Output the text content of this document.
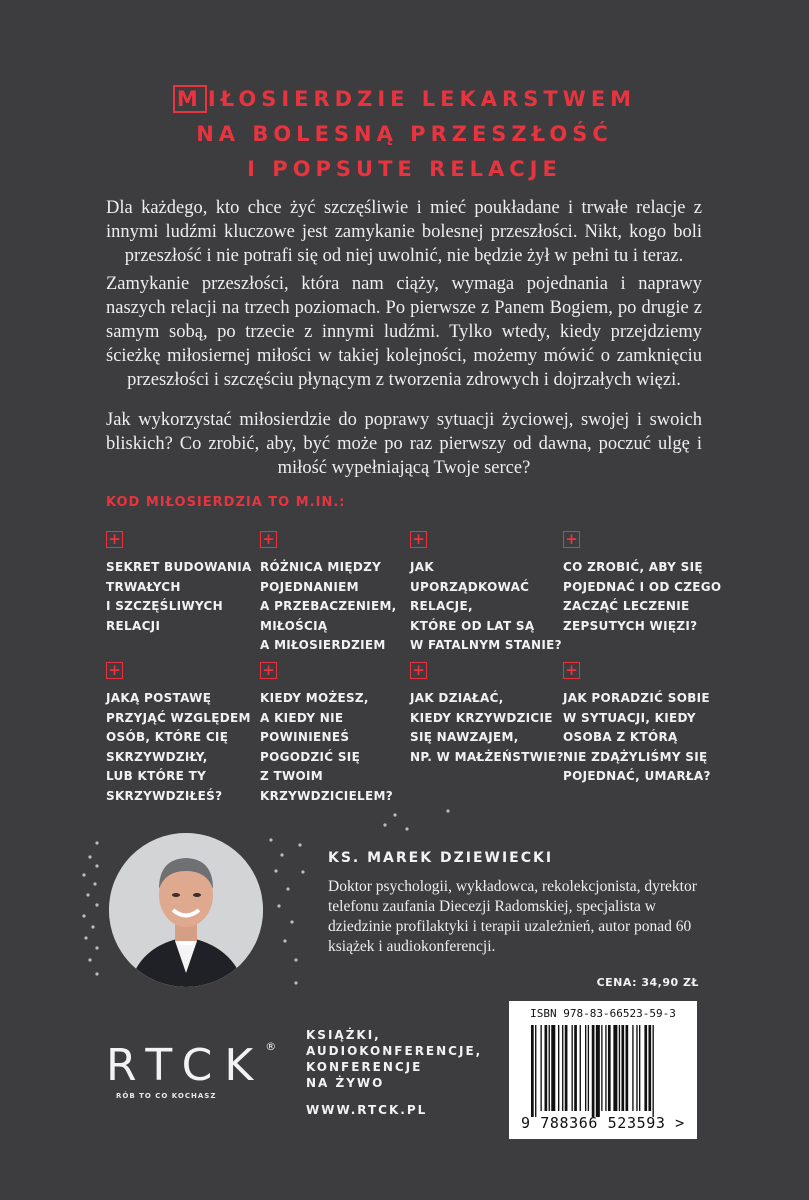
M IŁOSIERDZIE LEKARSTWEM
NA BOLESNĄ PRZESZŁOŚĆ
I POPSUTE RELACJE
Dla każdego, kto chce żyć szczęśliwie i mieć poukładane i trwałe relacje z innymi ludźmi kluczowe jest zamykanie bolesnej przeszłości. Nikt, kogo boli przeszłość i nie potrafi się od niej uwolnić, nie będzie żył w pełni tu i teraz.
Zamykanie przeszłości, która nam ciąży, wymaga pojednania i naprawy naszych relacji na trzech poziomach. Po pierwsze z Panem Bogiem, po drugie z samym sobą, po trzecie z innymi ludźmi. Tylko wtedy, kiedy przejdziemy ścieżkę miłosiernej miłości w takiej kolejności, możemy mówić o zamknięciu przeszłości i szczęściu płynącym z tworzenia zdrowych i dojrzałych więzi.
Jak wykorzystać miłosierdzie do poprawy sytuacji życiowej, swojej i swoich bliskich? Co zrobić, aby, być może po raz pierwszy od dawna, poczuć ulgę i miłość wypełniającą Twoje serce?
KOD MIŁOSIERDZIA TO M.IN.:
+
SEKRET BUDOWANIA
TRWAŁYCH
I SZCZĘŚLIWYCH
RELACJI
+
RÓŻNICA MIĘDZY
POJEDNANIEM
A PRZEBACZENIEM,
MIŁOŚCIĄ
A MIŁOSIERDZIEM
+
JAK
UPORZĄDKOWAĆ
RELACJE,
KTÓRE OD LAT SĄ
W FATALNYM STANIE?
+
CO ZROBIĆ, ABY SIĘ
POJEDNAĆ I OD CZEGO
ZACZĄĆ LECZENIE
ZEPSUTYCH WIĘZI?
+
JAKĄ POSTAWĘ
PRZYJĄĆ WZGLĘDEM
OSÓB, KTÓRE CIĘ
SKRZYWDZIŁY,
LUB KTÓRE TY
SKRZYWDZIŁEŚ?
+
KIEDY MOŻESZ,
A KIEDY NIE
POWINIENEŚ
POGODZIĆ SIĘ
Z TWOIM
KRZYWDZICIELEM?
+
JAK DZIAŁAĆ,
KIEDY KRZYWDZICIE
SIĘ NAWZAJEM,
NP. W MAŁŻEŃSTWIE?
+
JAK PORADZIĆ SOBIE
W SYTUACJI, KIEDY
OSOBA Z KTÓRĄ
NIE ZDĄŻYLIŚMY SIĘ
POJEDNAĆ, UMARŁA?
KS. MAREK DZIEWIECKI
Doktor psychologii, wykładowca, rekolekcjonista, dyrektor telefonu zaufania Diecezji Radomskiej, specjalista w dziedzinie profilaktyki i terapii uzależnień, autor ponad 60 książek i audiokonferencji.
CENA: 34,90 ZŁ
ISBN 978-83-66523-59-3
9 788366 523593 >
RTCK®
RÓB TO CO KOCHASZ
KSIĄŻKI,
AUDIOKONFERENCJE,
KONFERENCJE
NA ŻYWO
WWW.RTCK.PL
